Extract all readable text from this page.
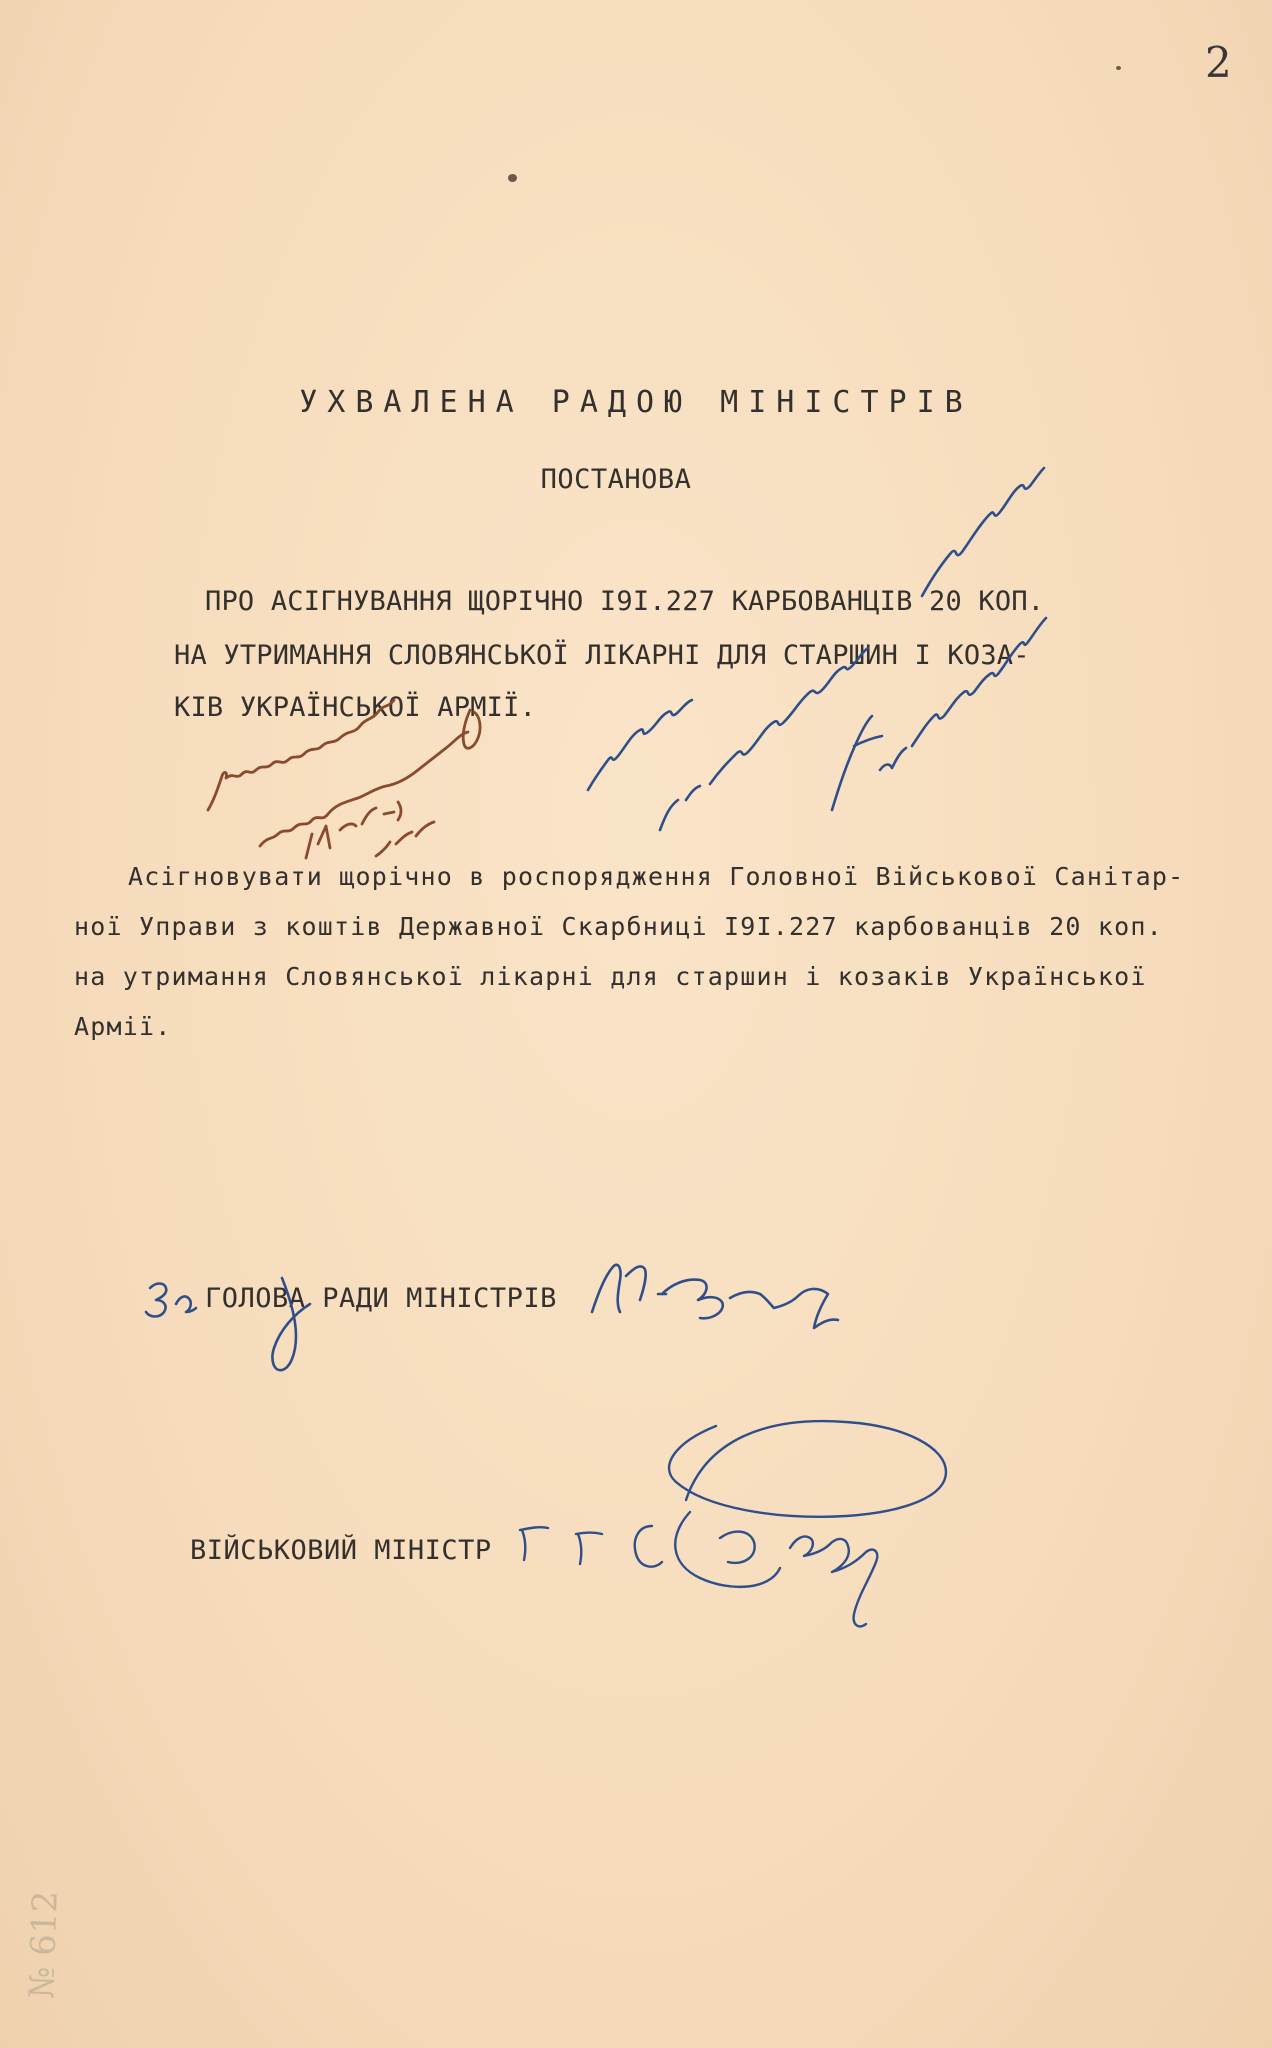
2
УХВАЛЕНА РАДОЮ МІНІСТРІВ
ПОСТАНОВА
ПРО АСІГНУВАННЯ ЩОРІЧНО I9I.227 КАРБОВАНЦІВ 20 КОП.
НА УТРИМАННЯ СЛОВЯНСЬКОЇ ЛІКАРНІ ДЛЯ СТАРШИН І КОЗА-
КІВ УКРАЇНСЬКОЇ АРМІЇ.
Асігновувати щорічно в роспорядження Головної Військової Санітар-
ної Управи з коштів Державної Скарбниці I9I.227 карбованців 20 коп.
на утримання Словянської лікарні для старшин і козаків Української
Армії.
ГОЛОВА РАДИ МІНІСТРІВ
ВІЙСЬКОВИЙ МІНІСТР
№ 612
